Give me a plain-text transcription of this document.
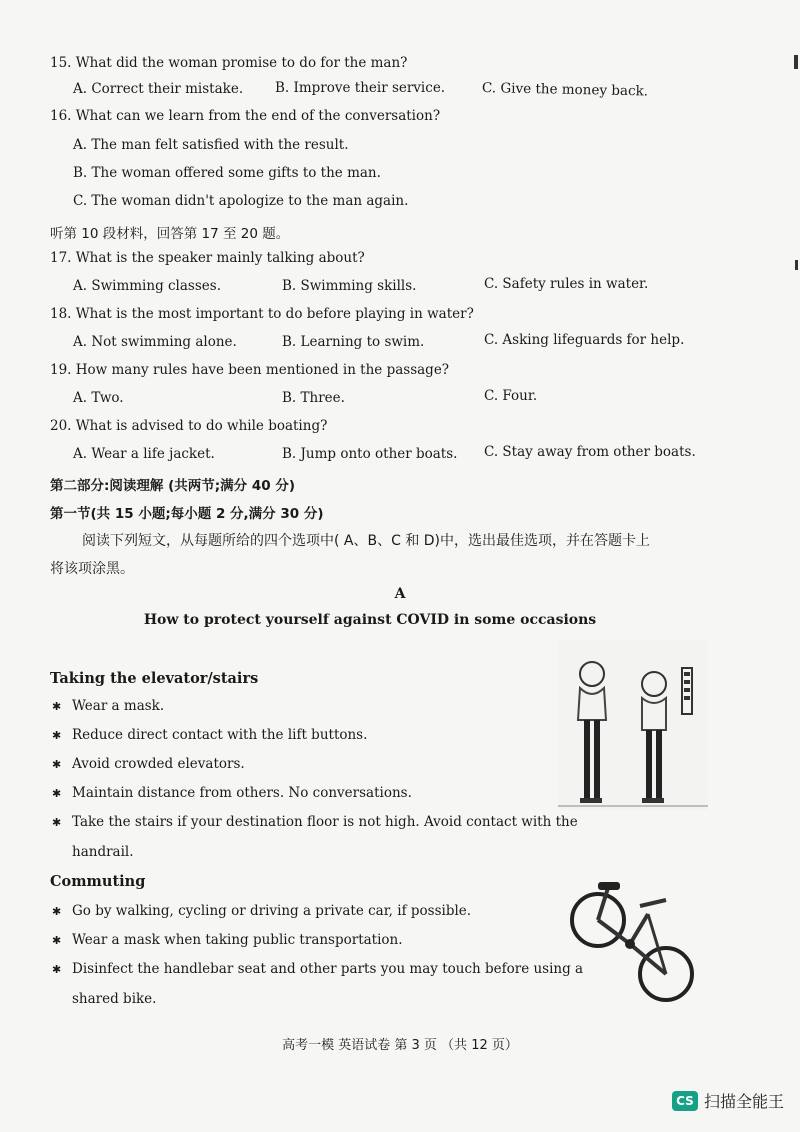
15. What did the woman promise to do for the man?
A. Correct their mistake. B. Improve their service.	C. Give the money back.
16. What can we learn from the end of the conversation?
A. The man felt satisfied with the result.
B. The woman offered some gifts to the man.
C. The woman didn't apologize to the man again.
听第 10 段材料，回答第 17 至 20 题。
17. What is the speaker mainly talking about?
A. Swimming classes.	B. Swimming skills.	C. Safety rules in water.
18. What is the most important to do before playing in water?
A. Not swimming alone.	B. Learning to swim.	C. Asking lifeguards for help.
19. How many rules have been mentioned in the passage?
A. Two.	B. Three.	C. Four.
20. What is advised to do while boating?
A. Wear a life jacket.	B. Jump onto other boats. C. Stay away from other boats.
第二部分:阅读理解 (共两节;满分 40 分)
第一节(共 15 小题;每小题 2 分,满分 30 分)
阅读下列短文，从每题所给的四个选项中( A、B、C 和 D)中，选出最佳选项，并在答题卡上
将该项涂黑。
A
How to protect yourself against COVID in some occasions
Taking the elevator/stairs
✱ Wear a mask.
✱ Reduce direct contact with the lift buttons.
✱ Avoid crowded elevators.
✱ Maintain distance from others. No conversations.
✱ Take the stairs if your destination floor is not high. Avoid contact with the
handrail.
Commuting
✱ Go by walking, cycling or driving a private car, if possible.
✱ Wear a mask when taking public transportation.
✱ Disinfect the handlebar seat and other parts you may touch before using a
shared bike.
高考一模 英语试卷 第 3 页 （共 12 页）
CS 扫描全能王
